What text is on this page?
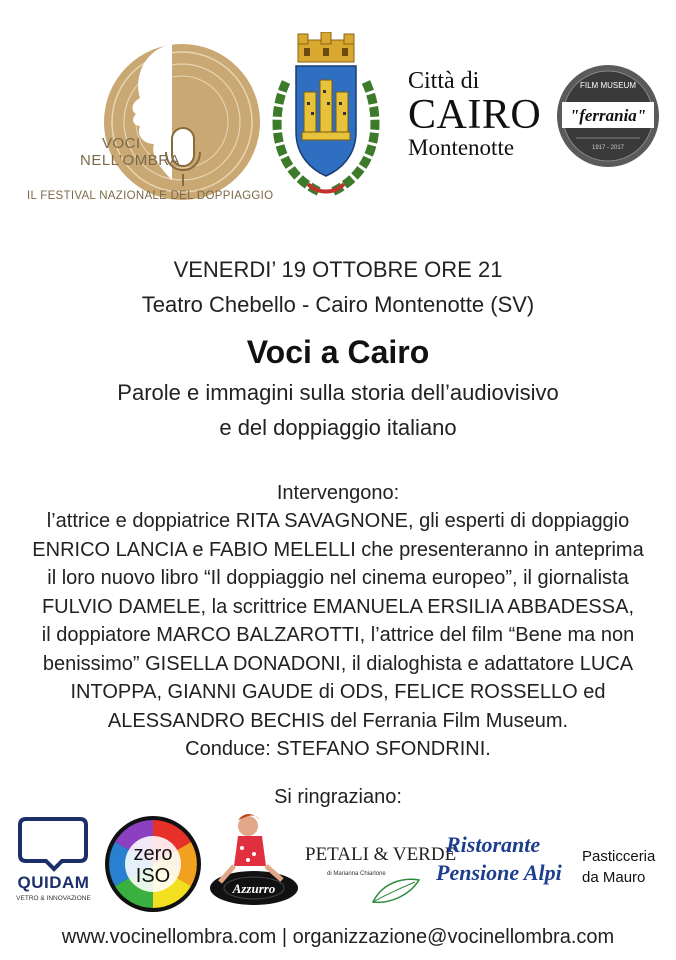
VOCI
NELL’OMBRA
IL FESTIVAL NAZIONALE DEL DOPPIAGGIO
Città di
CAIRO
Montenotte
FILM MUSEUM
"ferrania"
1917 - 2017
VENERDI’ 19 OTTOBRE ORE 21
Teatro Chebello - Cairo Montenotte (SV)
Voci a Cairo
Parole e immagini sulla storia dell’audiovisivo
e del doppiaggio italiano
Intervengono:
l’attrice e doppiatrice RITA SAVAGNONE, gli esperti di doppiaggio
ENRICO LANCIA e FABIO MELELLI che presenteranno in anteprima
il loro nuovo libro “Il doppiaggio nel cinema europeo”, il giornalista
FULVIO DAMELE, la scrittrice EMANUELA ERSILIA ABBADESSA,
il doppiatore MARCO BALZAROTTI, l’attrice del film “Bene ma non
benissimo” GISELLA DONADONI, il dialoghista e adattatore LUCA
INTOPPA, GIANNI GAUDE di ODS, FELICE ROSSELLO ed
ALESSANDRO BECHIS del Ferrania Film Museum.
Conduce: STEFANO SFONDRINI.
Si ringraziano:
QUIDAM
VETRO & INNOVAZIONE
zero
ISO
Azzurro
PETALI & VERDE
di Marianna Chiarlone
Ristorante
Pensione Alpi
Pasticceria
da Mauro
www.vocinellombra.com | organizzazione@vocinellombra.com
